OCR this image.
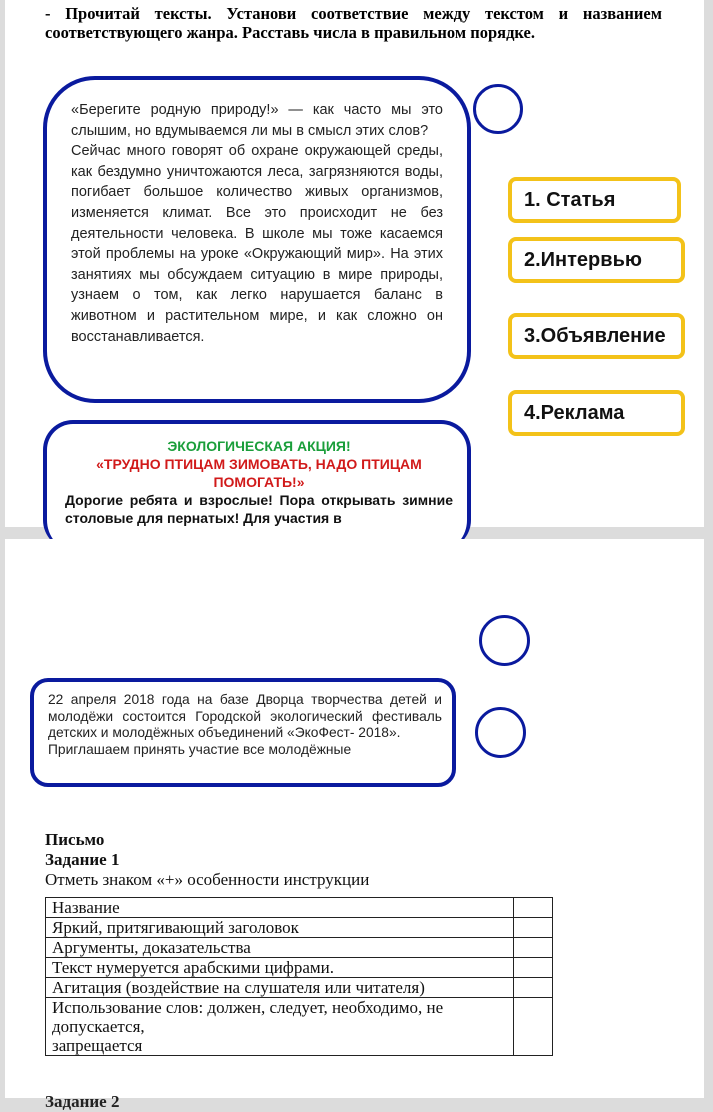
- Прочитай тексты. Установи соответствие между текстом и названием соответствующего жанра. Расставь числа в правильном порядке.

«Берегите родную природу!» — как часто мы это слышим, но вдумываемся ли мы в смысл этих слов?

Сейчас много говорят об охране окружающей среды, как бездумно уничтожаются леса, загрязняются воды, погибает большое количество живых организмов, изменяется климат. Все это происходит не без деятельности человека. В школе мы тоже касаемся этой проблемы на уроке «Окружающий мир». На этих занятиях мы обсуждаем ситуацию в мире природы, узнаем о том, как легко нарушается баланс в животном и растительном мире, и как сложно он восстанавливается.

ЭКОЛОГИЧЕСКАЯ АКЦИЯ!
«ТРУДНО ПТИЦАМ ЗИМОВАТЬ, НАДО ПТИЦАМ ПОМОГАТЬ!»
Дорогие ребята и взрослые! Пора открывать зимние столовые для пернатых! Для участия в
1. Статья
2.Интервью
3.Объявление
4.Реклама

22 апреля 2018 года на базе Дворца творчества детей и молодёжи состоится Городской экологический фестиваль детских и молодёжных объединений «ЭкоФест- 2018».

Приглашаем принять участие все молодёжные

Письмо
Задание 1
Отметь знаком «+» особенности инструкции
Название	
Яркий, притягивающий заголовок	
Аргументы, доказательства	
Текст нумеруется арабскими цифрами.	
Агитация (воздействие на слушателя или читателя)	
Использование слов: должен, следует, необходимо, не допускается,
запрещается	
Задание 2
